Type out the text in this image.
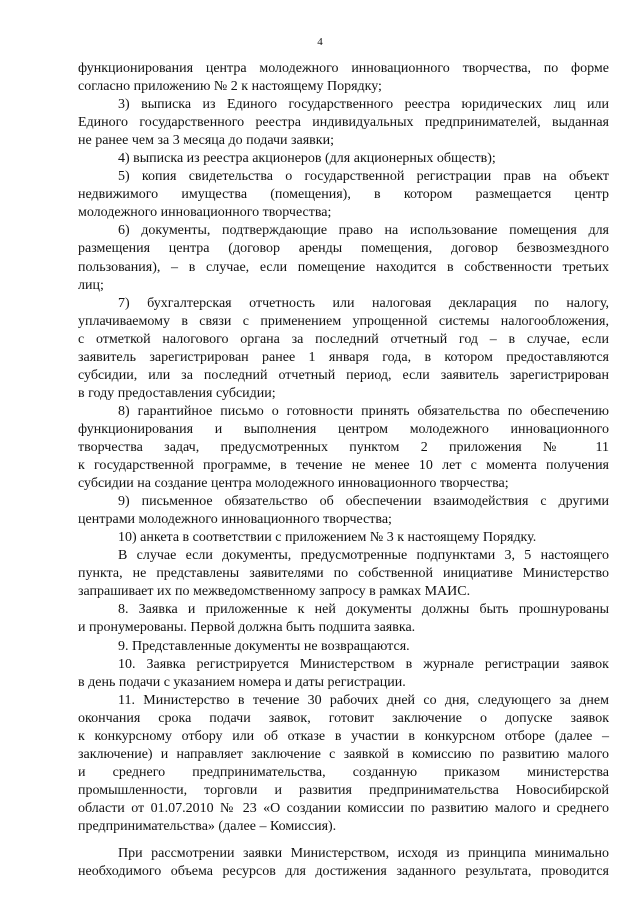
4
функционирования центра молодежного инновационного творчества, по форме
согласно приложению № 2 к настоящему Порядку;
3) выписка из Единого государственного реестра юридических лиц или
Единого государственного реестра индивидуальных предпринимателей, выданная
не ранее чем за 3 месяца до подачи заявки;
4) выписка из реестра акционеров (для акционерных обществ);
5) копия свидетельства о государственной регистрации прав на объект
недвижимого имущества (помещения), в котором размещается центр
молодежного инновационного творчества;
6) документы, подтверждающие право на использование помещения для
размещения центра (договор аренды помещения, договор безвозмездного
пользования), – в случае, если помещение находится в собственности третьих
лиц;
7) бухгалтерская отчетность или налоговая декларация по налогу,
уплачиваемому в связи с применением упрощенной системы налогообложения,
с отметкой налогового органа за последний отчетный год – в случае, если
заявитель зарегистрирован ранее 1 января года, в котором предоставляются
субсидии, или за последний отчетный период, если заявитель зарегистрирован
в году предоставления субсидии;
8) гарантийное письмо о готовности принять обязательства по обеспечению
функционирования и выполнения центром молодежного инновационного
творчества задач, предусмотренных пунктом 2 приложения № 11
к государственной программе, в течение не менее 10 лет с момента получения
субсидии на создание центра молодежного инновационного творчества;
9) письменное обязательство об обеспечении взаимодействия с другими
центрами молодежного инновационного творчества;
10) анкета в соответствии с приложением № 3 к настоящему Порядку.
В случае если документы, предусмотренные подпунктами 3, 5 настоящего
пункта, не представлены заявителями по собственной инициативе Министерство
запрашивает их по межведомственному запросу в рамках МАИС.
8. Заявка и приложенные к ней документы должны быть прошнурованы
и пронумерованы. Первой должна быть подшита заявка.
9. Представленные документы не возвращаются.
10. Заявка регистрируется Министерством в журнале регистрации заявок
в день подачи с указанием номера и даты регистрации.
11. Министерство в течение 30 рабочих дней со дня, следующего за днем
окончания срока подачи заявок, готовит заключение о допуске заявок
к конкурсному отбору или об отказе в участии в конкурсном отборе (далее –
заключение) и направляет заключение с заявкой в комиссию по развитию малого
и среднего предпринимательства, созданную приказом министерства
промышленности, торговли и развития предпринимательства Новосибирской
области от 01.07.2010 № 23 «О создании комиссии по развитию малого и среднего
предпринимательства» (далее – Комиссия).
При рассмотрении заявки Министерством, исходя из принципа минимально
необходимого объема ресурсов для достижения заданного результата, проводится
